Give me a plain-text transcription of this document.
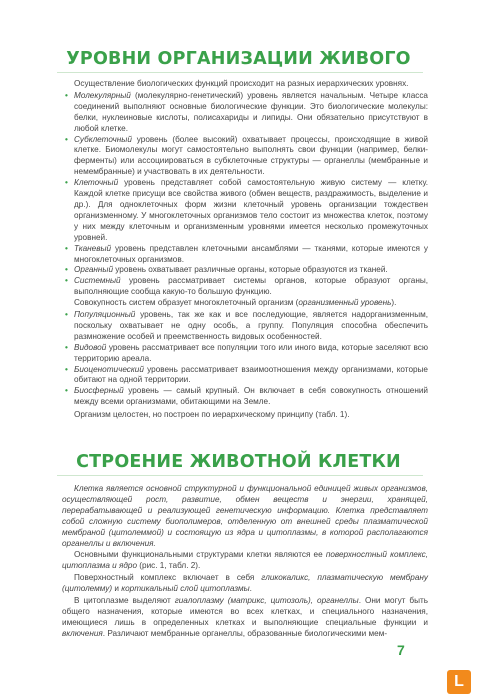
УРОВНИ ОРГАНИЗАЦИИ ЖИВОГО

Осуществление биологических функций происходит на разных иерархических уровнях.

• Молекулярный (молекулярно-генетический) уровень является начальным. Четыре класса соединений выполняют основные биологические функции. Это биологические молекулы: белки, нуклеиновые кислоты, полисахариды и липиды. Они обязательно присутствуют в любой клетке.
• Субклеточный уровень (более высокий) охватывает процессы, происходящие в живой клетке. Биомолекулы могут самостоятельно выполнять свои функции (например, белки-ферменты) или ассоциироваться в субклеточные структуры — органеллы (мембранные и немембранные) и участвовать в их деятельности.
• Клеточный уровень представляет собой самостоятельную живую систему — клетку. Каждой клетке присущи все свойства живого (обмен веществ, раздражимость, выделение и др.). Для одноклеточных форм жизни клеточный уровень организации тождествен организменному. У многоклеточных организмов тело состоит из множества клеток, поэтому у них между клеточным и организменным уровнями имеется несколько промежуточных уровней.
• Тканевый уровень представлен клеточными ансамблями — тканями, которые имеются у многоклеточных организмов.
• Органный уровень охватывает различные органы, которые образуются из тканей.
• Системный уровень рассматривает системы органов, которые образуют органы, выполняющие сообща какую-то большую функцию.

Совокупность систем образует многоклеточный организм (организменный уровень).

• Популяционный уровень, так же как и все последующие, является надорганизменным, поскольку охватывает не одну особь, а группу. Популяция способна обеспечить размножение особей и преемственность видовых особенностей.
• Видовой уровень рассматривает все популяции того или иного вида, которые заселяют всю территорию ареала.
• Биоценотический уровень рассматривает взаимоотношения между организмами, которые обитают на одной территории.
• Биосферный уровень — самый крупный. Он включает в себя совокупность отношений между всеми организмами, обитающими на Земле.

Организм целостен, но построен по иерархическому принципу (табл. 1).

СТРОЕНИЕ ЖИВОТНОЙ КЛЕТКИ

Клетка является основной структурной и функциональной единицей живых организмов, осуществляющей рост, развитие, обмен веществ и энергии, хранящей, перерабатывающей и реализующей генетическую информацию. Клетка представляет собой сложную систему биополимеров, отделенную от внешней среды плазматической мембраной (цитолеммой) и состоящую из ядра и цитоплазмы, в которой располагаются органеллы и включения.

Основными функциональными структурами клетки являются ее поверхностный комплекс, цитоплазма и ядро (рис. 1, табл. 2).

Поверхностный комплекс включает в себя гликокаликс, плазматическую мембрану (цитолемму) и кортикальный слой цитоплазмы.

В цитоплазме выделяют гиалоплазму (матрикс, цитозоль), органеллы. Они могут быть общего назначения, которые имеются во всех клетках, и специального назначения, имеющиеся лишь в определенных клетках и выполняющие специальные функции и включения. Различают мембранные органеллы, образованные биологическими мем-

7
L
